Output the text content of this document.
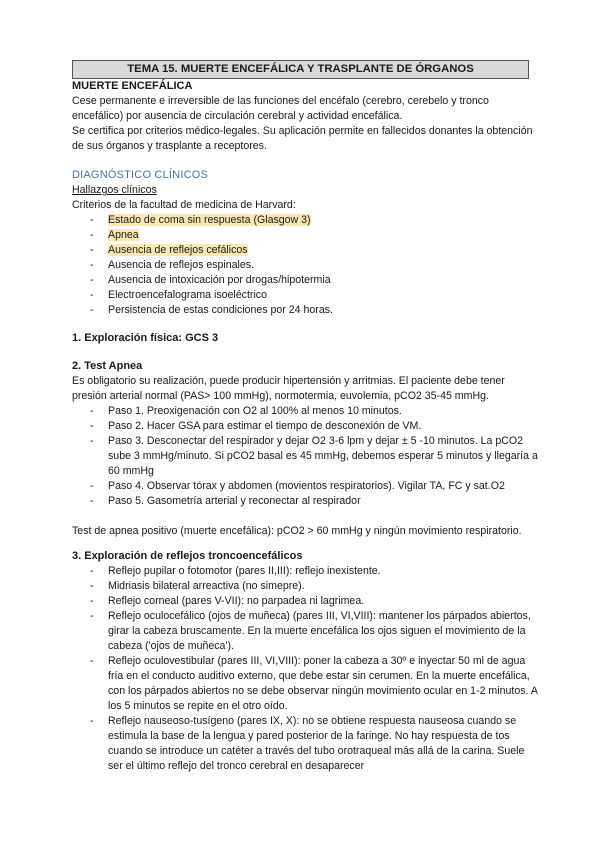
TEMA 15. MUERTE ENCEFÁLICA Y TRASPLANTE DE ÓRGANOS

MUERTE ENCEFÁLICA

Cese permanente e irreversible de las funciones del encéfalo (cerebro, cerebelo y tronco encefálico) por ausencia de circulación cerebral y actividad encefálica.

Se certifica por criterios médico-legales. Su aplicación permite en fallecidos donantes la obtención de sus órganos y trasplante a receptores.

DIAGNÓSTICO CLÍNICOS

Hallazgos clínicos

Criterios de la facultad de medicina de Harvard:

- Estado de coma sin respuesta (Glasgow 3)
- Apnea
- Ausencia de reflejos cefálicos
- Ausencia de reflejos espinales.
- Ausencia de intoxicación por drogas/hipotermia
- Electroencefalograma isoeléctrico
- Persistencia de estas condiciones por 24 horas.

1. Exploración física: GCS 3

2. Test Apnea

Es obligatorio su realización, puede producir hipertensión y arritmias. El paciente debe tener presión arterial normal (PAS> 100 mmHg), normotermia, euvolemia, pCO2 35-45 mmHg.

- Paso 1. Preoxigenación con O2 al 100% al menos 10 minutos.
- Paso 2. Hacer GSA para estimar el tiempo de desconexión de VM.
- Paso 3. Desconectar del respirador y dejar O2 3-6 lpm y dejar ± 5 -10 minutos. La pCO2 sube 3 mmHg/minuto. Si pCO2 basal es 45 mmHg, debemos esperar 5 minutos y llegaría a 60 mmHg
- Paso 4. Observar tórax y abdomen (movientos respiratorios). Vigilar TA, FC y sat.O2
- Paso 5. Gasometría arterial y reconectar al respirador

Test de apnea positivo (muerte encefálica): pCO2 > 60 mmHg y ningún movimiento respiratorio.

3. Exploración de reflejos troncoencefálicos

- Reflejo pupilar o fotomotor (pares II,III): reflejo inexistente.
- Midriasis bilateral arreactiva (no simepre).
- Reflejo corneal (pares V-VII): no parpadea ni lagrimea.
- Reflejo oculocefálico (ojos de muñeca) (pares III, VI,VIII): mantener los párpados abiertos, girar la cabeza bruscamente. En la muerte encefálica los ojos siguen el movimiento de la cabeza ('ojos de muñeca').
- Reflejo oculovestibular (pares III, VI,VIII): poner la cabeza a 30º e inyectar 50 ml de agua fría en el conducto auditivo externo, que debe estar sin cerumen. En la muerte encefálica, con los párpados abiertos no se debe observar ningún movimiento ocular en 1-2 minutos. A los 5 minutos se repite en el otro oído.
- Reflejo nauseoso-tusígeno (pares IX, X): no se obtiene respuesta nauseosa cuando se estimula la base de la lengua y pared posterior de la faringe. No hay respuesta de tos cuando se introduce un catéter a través del tubo orotraqueal más allá de la carina. Suele ser el último reflejo del tronco cerebral en desaparecer
